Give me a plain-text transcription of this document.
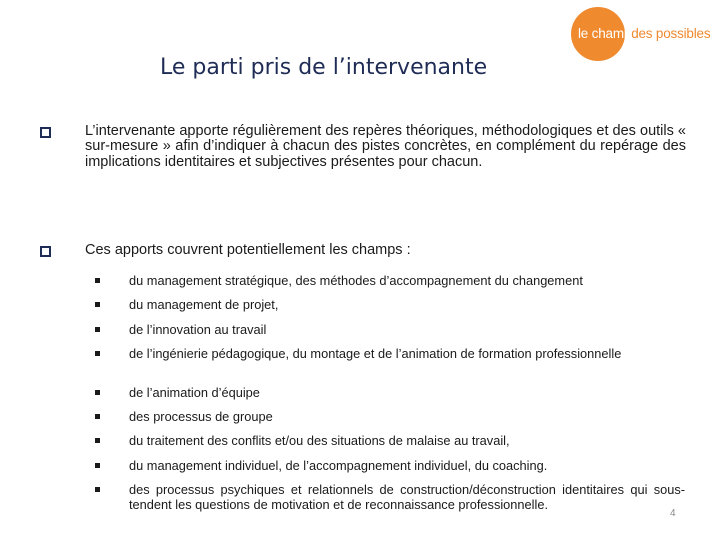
le champdes possibles
Le parti pris de l’intervenante

L’intervenante apporte régulièrement des repères théoriques, méthodologiques et des outils « sur-mesure » afin d’indiquer à chacun des pistes concrètes, en complément du repérage des implications identitaires et subjectives présentes pour chacun.

Ces apports couvrent potentiellement les champs :

du management stratégique, des méthodes d’accompagnement du changement

du management de projet,

de l’innovation au travail

de l’ingénierie pédagogique, du montage et de l’animation de formation professionnelle

de l’animation d’équipe

des processus de groupe

du traitement des conflits et/ou des situations de malaise au travail,

du management individuel, de l’accompagnement individuel, du coaching.

des processus psychiques et relationnels de construction/déconstruction identitaires qui sous-tendent les questions de motivation et de reconnaissance professionnelle.

4
